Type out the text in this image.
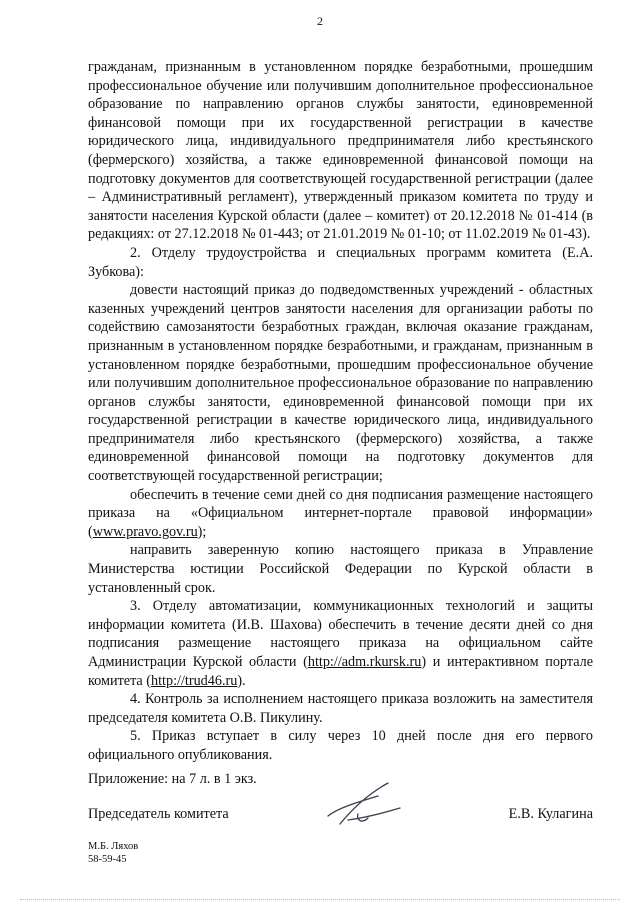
2

гражданам, признанным в установленном порядке безработными, прошедшим профессиональное обучение или получившим дополнительное профессиональное образование по направлению органов службы занятости, единовременной финансовой помощи при их государственной регистрации в качестве юридического лица, индивидуального предпринимателя либо крестьянского (фермерского) хозяйства, а также единовременной финансовой помощи на подготовку документов для соответствующей государственной регистрации (далее – Административный регламент), утвержденный приказом комитета по труду и занятости населения Курской области (далее – комитет) от 20.12.2018 № 01-414 (в редакциях: от 27.12.2018 № 01-443; от 21.01.2019 № 01-10; от 11.02.2019 № 01-43).

2. Отделу трудоустройства и специальных программ комитета (Е.А. Зубкова):

довести настоящий приказ до подведомственных учреждений - областных казенных учреждений центров занятости населения для организации работы по содействию самозанятости безработных граждан, включая оказание гражданам, признанным в установленном порядке безработными, и гражданам, признанным в установленном порядке безработными, прошедшим профессиональное обучение или получившим дополнительное профессиональное образование по направлению органов службы занятости, единовременной финансовой помощи при их государственной регистрации в качестве юридического лица, индивидуального предпринимателя либо крестьянского (фермерского) хозяйства, а также единовременной финансовой помощи на подготовку документов для соответствующей государственной регистрации;

обеспечить в течение семи дней со дня подписания размещение настоящего приказа на «Официальном интернет-портале правовой информации» (www.pravo.gov.ru);

направить заверенную копию настоящего приказа в Управление Министерства юстиции Российской Федерации по Курской области в установленный срок.

3. Отделу автоматизации, коммуникационных технологий и защиты информации комитета (И.В. Шахова) обеспечить в течение десяти дней со дня подписания размещение настоящего приказа на официальном сайте Администрации Курской области (http://adm.rkursk.ru) и интерактивном портале комитета (http://trud46.ru).

4. Контроль за исполнением настоящего приказа возложить на заместителя председателя комитета О.В. Пикулину.

5. Приказ вступает в силу через 10 дней после дня его первого официального опубликования.

Приложение: на 7 л. в 1 экз.
Председатель комитета	Е.В. Кулагина
М.Б. Ляхов
58-59-45
